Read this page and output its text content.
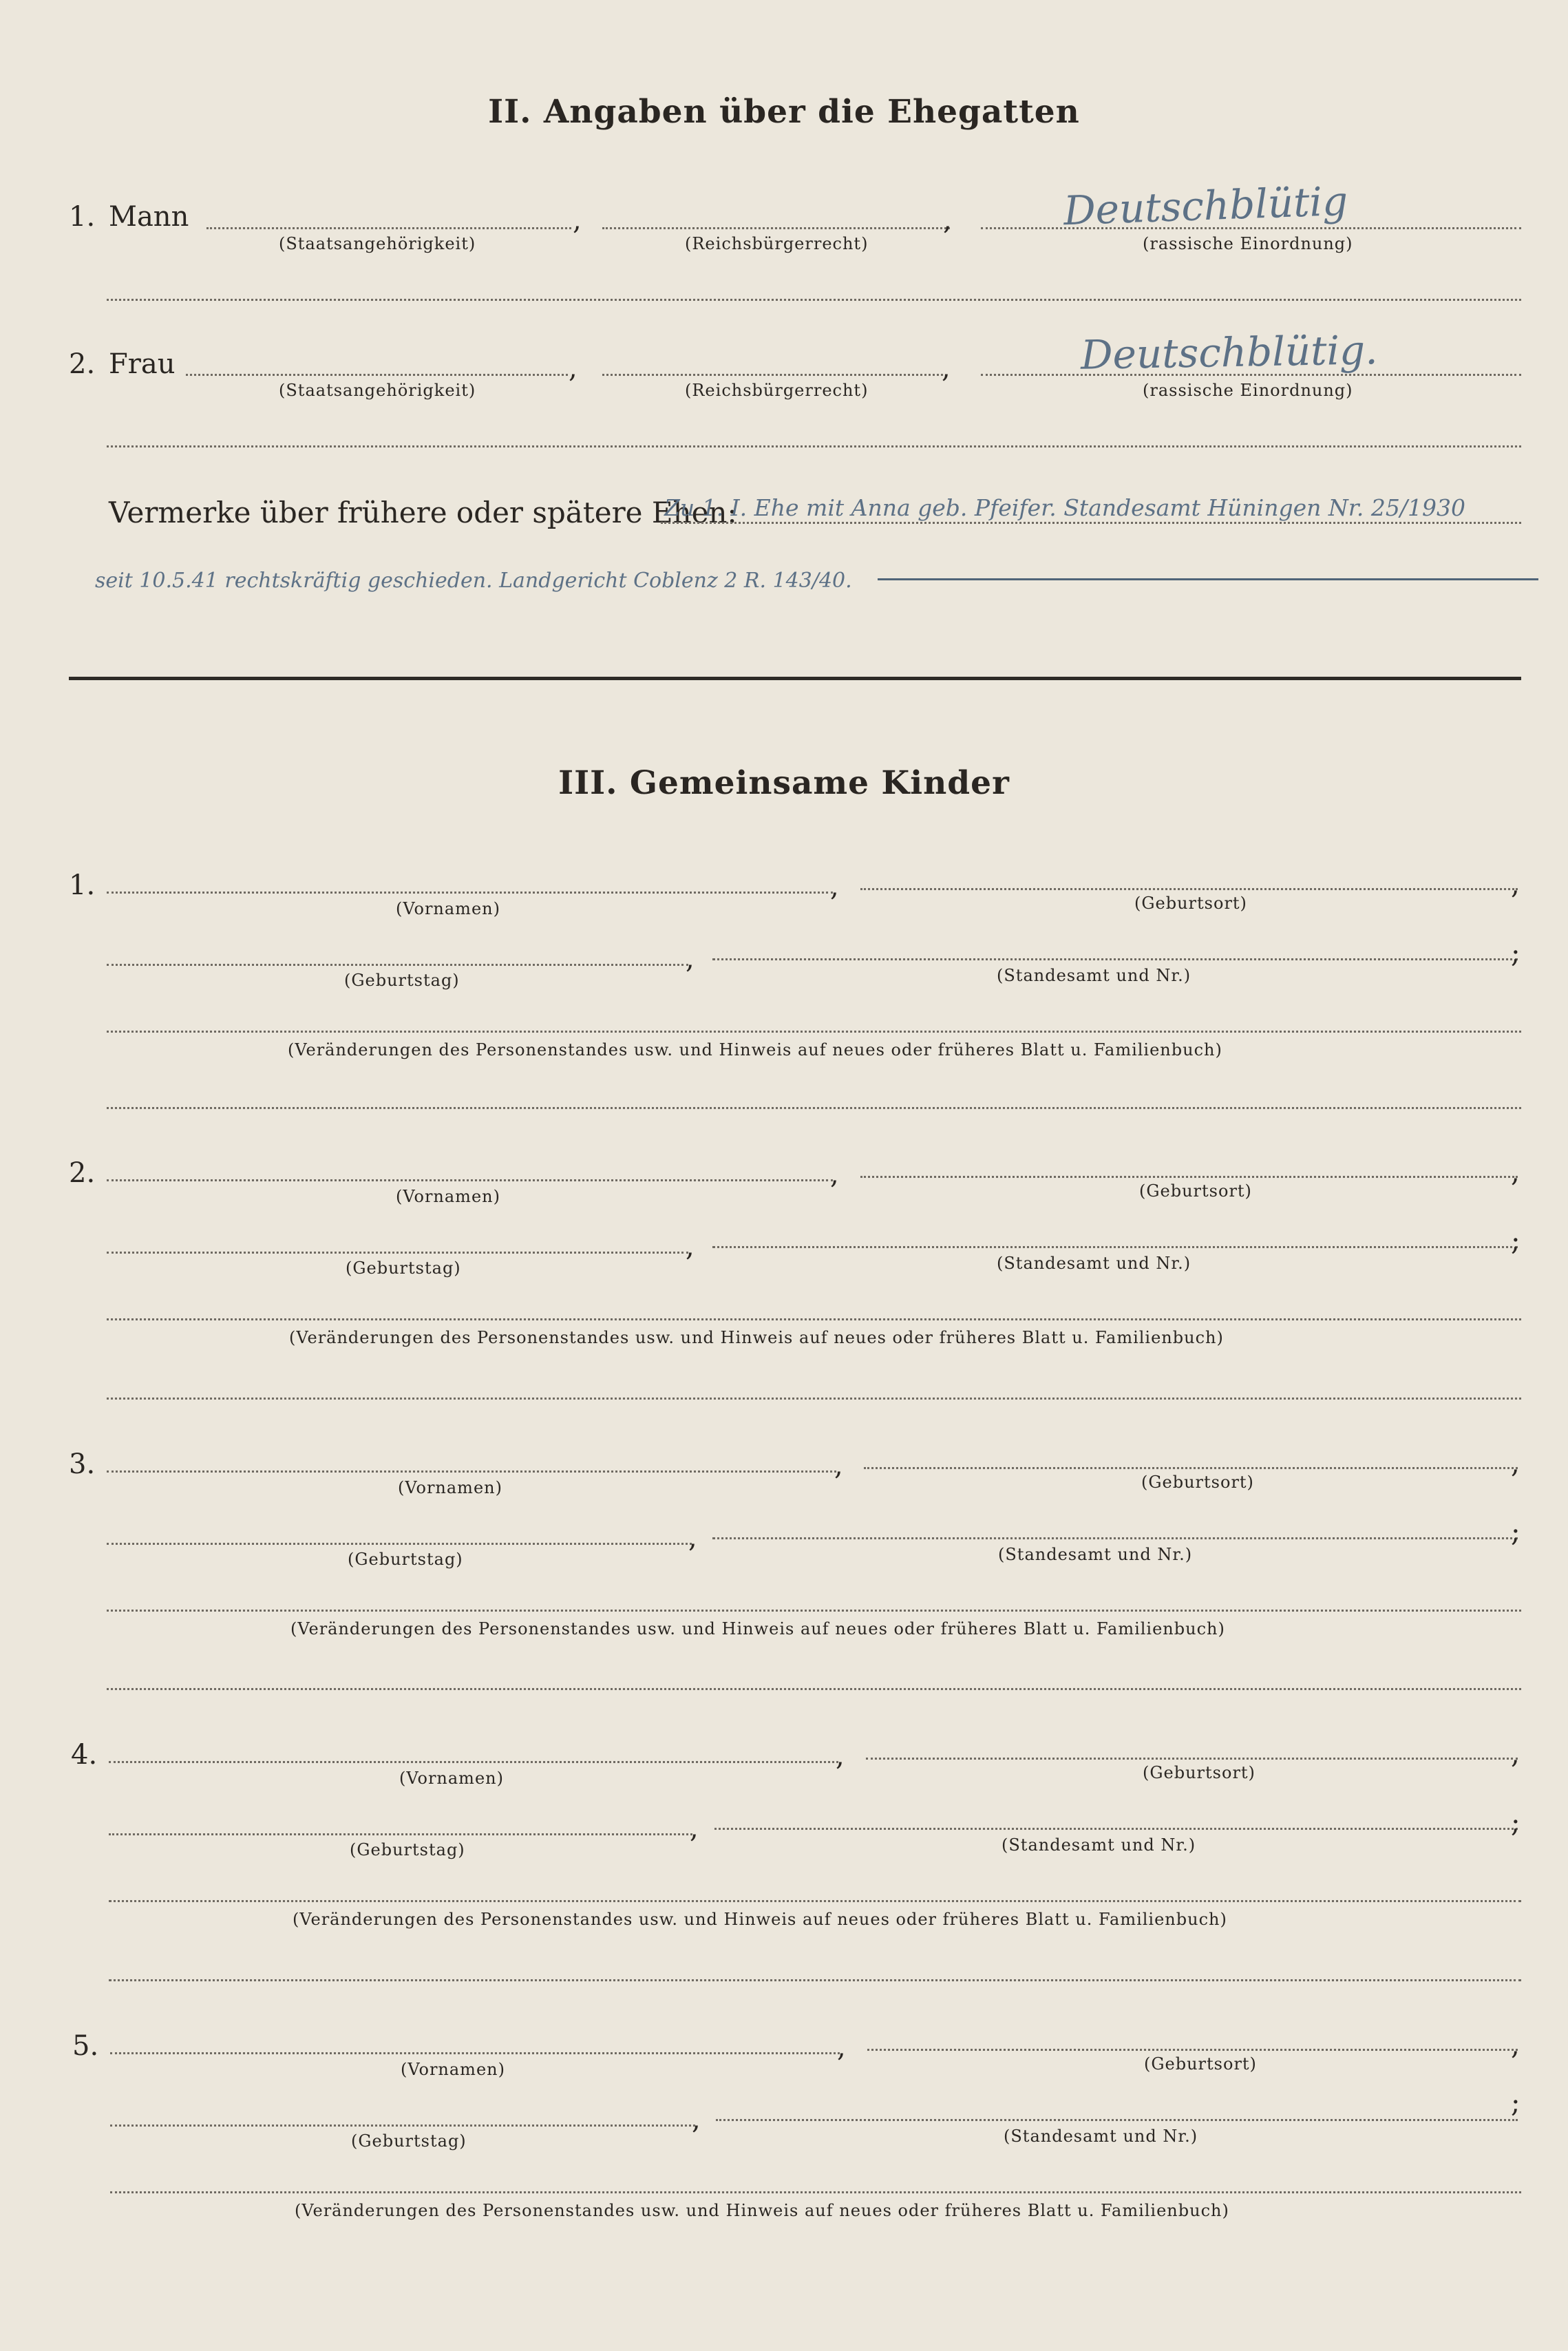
II. Angaben über die Ehegatten
1. Mann	,	,
(Staatsangehörigkeit)	(Reichsbürgerrecht)	(rassische Einordnung)
Deutschblütig
2. Frau	,	,
(Staatsangehörigkeit)	(Reichsbürgerrecht)	(rassische Einordnung)
Deutschblütig.
Vermerke über frühere oder spätere Ehen:
Zu 1. I. Ehe mit Anna geb. Pfeifer. Standesamt Hüningen Nr. 25/1930
seit 10.5.41 rechtskräftig geschieden. Landgericht Coblenz 2 R. 143/40.
III. Gemeinsame Kinder
1.	,	,
(Vornamen)	(Geburtsort)
,	;
(Geburtstag)	(Standesamt und Nr.)
(Veränderungen des Personenstandes usw. und Hinweis auf neues oder früheres Blatt u. Familienbuch)
2.	,	,
(Vornamen)	(Geburtsort)
,	;
(Geburtstag)	(Standesamt und Nr.)
(Veränderungen des Personenstandes usw. und Hinweis auf neues oder früheres Blatt u. Familienbuch)
3.	,	,
(Vornamen)	(Geburtsort)
,	;
(Geburtstag)	(Standesamt und Nr.)
(Veränderungen des Personenstandes usw. und Hinweis auf neues oder früheres Blatt u. Familienbuch)
4.	,	,
(Vornamen)	(Geburtsort)
,	;
(Geburtstag)	(Standesamt und Nr.)
(Veränderungen des Personenstandes usw. und Hinweis auf neues oder früheres Blatt u. Familienbuch)
5.	,	,
(Vornamen)	(Geburtsort)
,
;
(Geburtstag)	(Standesamt und Nr.)
(Veränderungen des Personenstandes usw. und Hinweis auf neues oder früheres Blatt u. Familienbuch)
